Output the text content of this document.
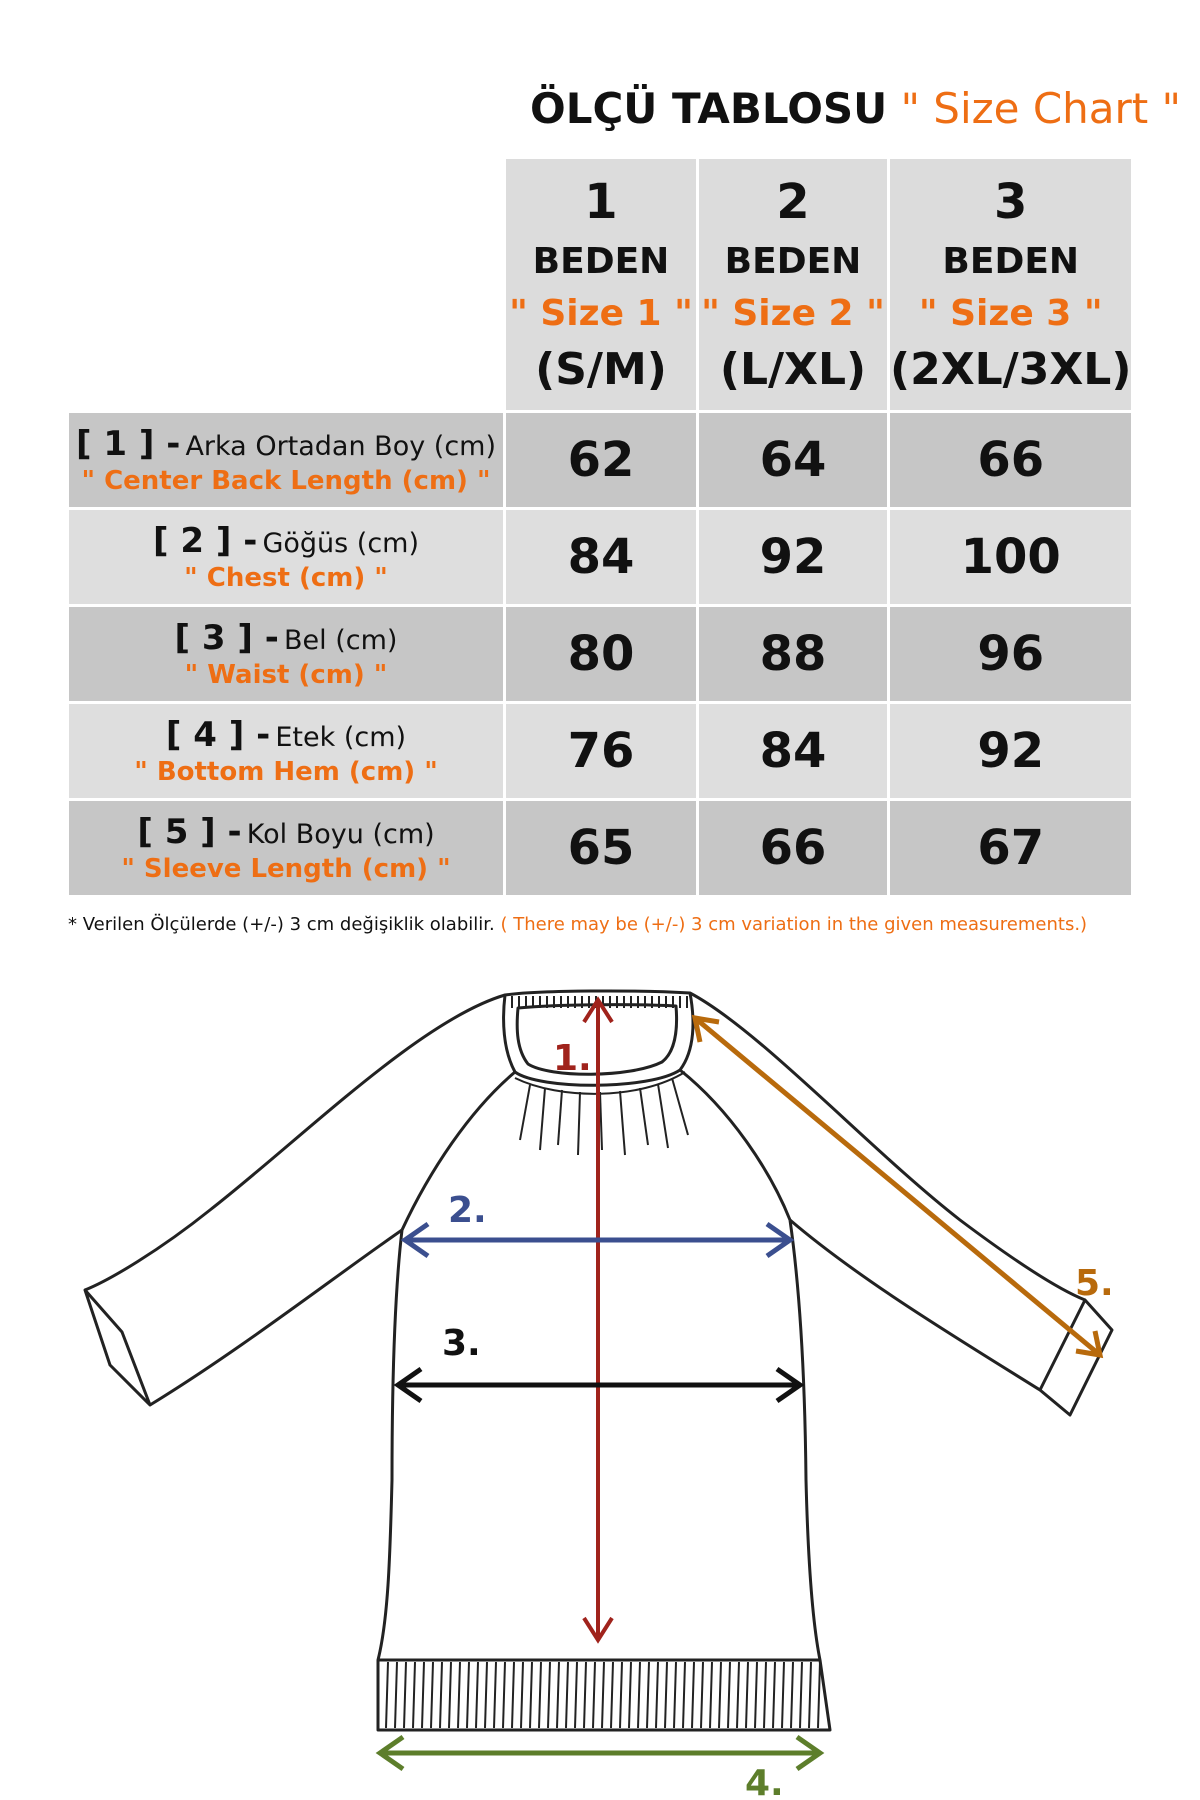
ÖLÇÜ TABLOSU " Size Chart "

	1
BEDEN
" Size 1 "
(S/M)	2
BEDEN
" Size 2 "
(L/XL)	3
BEDEN
" Size 3 "
(2XL/3XL)

[ 1 ] - Arka Ortadan Boy (cm)
" Center Back Length (cm) "	62	64	66
[ 2 ] - Göğüs (cm)
" Chest (cm) "	84	92	100
[ 3 ] - Bel (cm)
" Waist (cm) "	80	88	96
[ 4 ] - Etek (cm)
" Bottom Hem (cm) "	76	84	92
[ 5 ] - Kol Boyu (cm)
" Sleeve Length (cm) "	65	66	67
* Verilen Ölçülerde (+/-) 3 cm değişiklik olabilir. ( There may be (+/-) 3 cm variation in the given measurements.)
1.
2.
3.
4.
5.
